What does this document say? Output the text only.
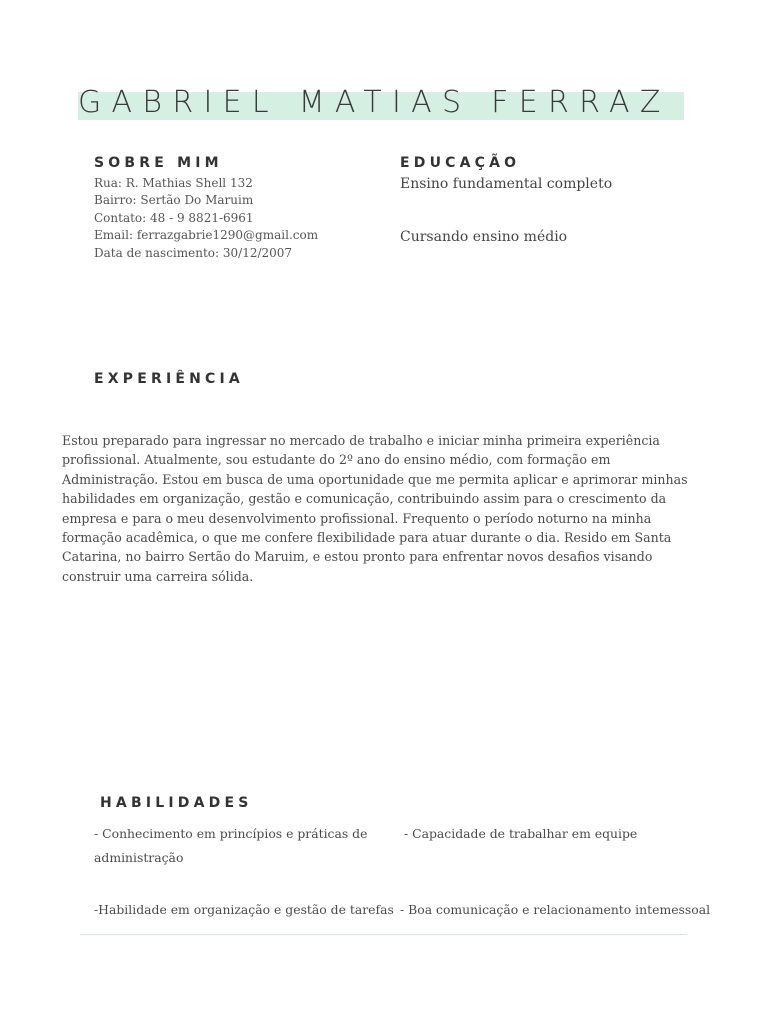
GABRIEL MATIAS FERRAZ
SOBRE MIM
Rua: R. Mathias Shell 132
Bairro: Sertão Do Maruim
Contato: 48 - 9 8821-6961
Email: ferrazgabrie1290@gmail.com
Data de nascimento: 30/12/2007
EDUCAÇÃO
Ensino fundamental completo
Cursando ensino médio
EXPERIÊNCIA
Estou preparado para ingressar no mercado de trabalho e iniciar minha primeira experiência profissional. Atualmente, sou estudante do 2º ano do ensino médio, com formação em Administração. Estou em busca de uma oportunidade que me permita aplicar e aprimorar minhas habilidades em organização, gestão e comunicação, contribuindo assim para o crescimento da empresa e para o meu desenvolvimento profissional. Frequento o período noturno na minha formação acadêmica, o que me confere flexibilidade para atuar durante o dia. Resido em Santa Catarina, no bairro Sertão do Maruim, e estou pronto para enfrentar novos desafios visando construir uma carreira sólida.
HABILIDADES
- Conhecimento em princípios e práticas de administração
- Capacidade de trabalhar em equipe
-Habilidade em organização e gestão de tarefas - Boa comunicação e relacionamento intemessoal
